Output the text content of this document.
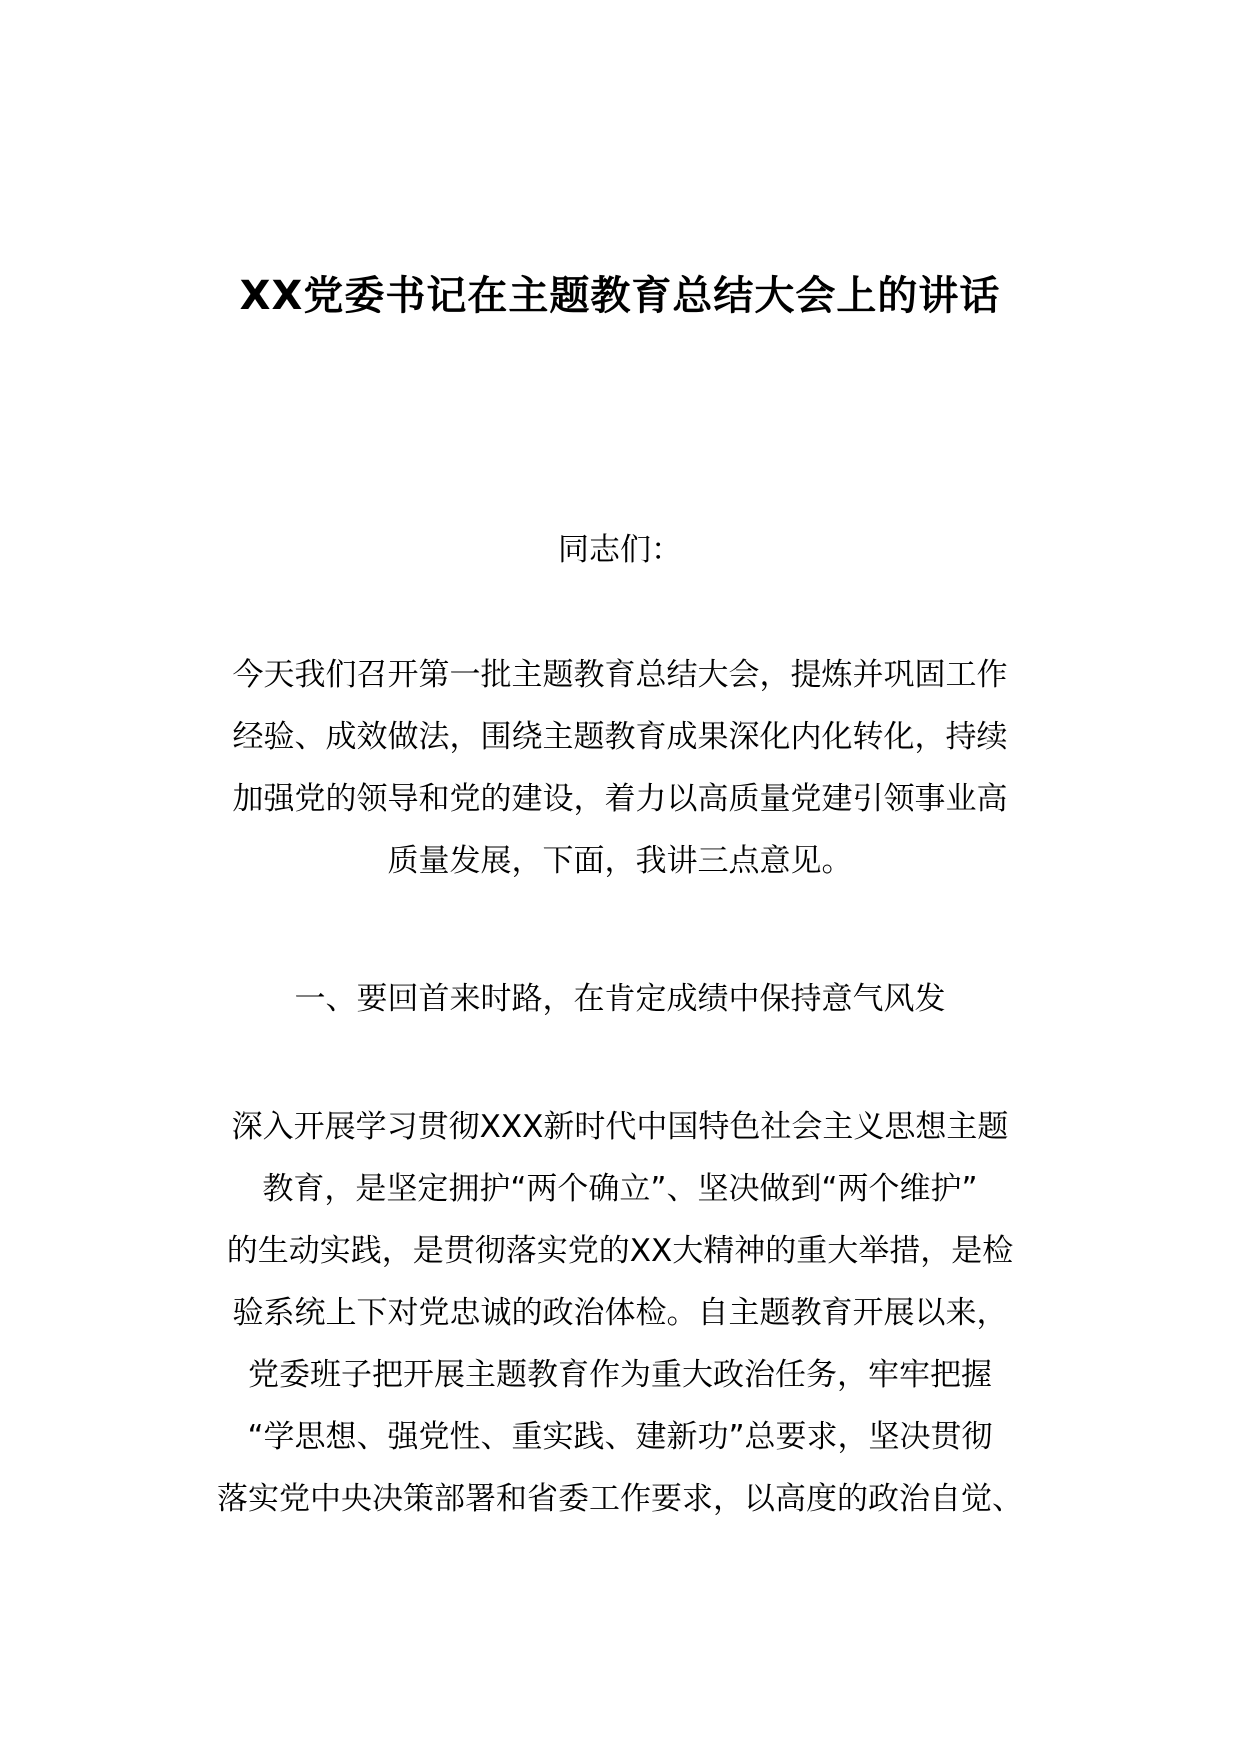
XX党委书记在主题教育总结大会上的讲话
同志们：
今天我们召开第一批主题教育总结大会，提炼并巩固工作
经验、成效做法，围绕主题教育成果深化内化转化，持续
加强党的领导和党的建设，着力以高质量党建引领事业高
质量发展，下面，我讲三点意见。
一、要回首来时路，在肯定成绩中保持意气风发
深入开展学习贯彻XXX新时代中国特色社会主义思想主题
教育，是坚定拥护“两个确立”、坚决做到“两个维护”
的生动实践，是贯彻落实党的XX大精神的重大举措，是检
验系统上下对党忠诚的政治体检。自主题教育开展以来，
党委班子把开展主题教育作为重大政治任务，牢牢把握
“学思想、强党性、重实践、建新功”总要求，坚决贯彻
落实党中央决策部署和省委工作要求，以高度的政治自觉、
